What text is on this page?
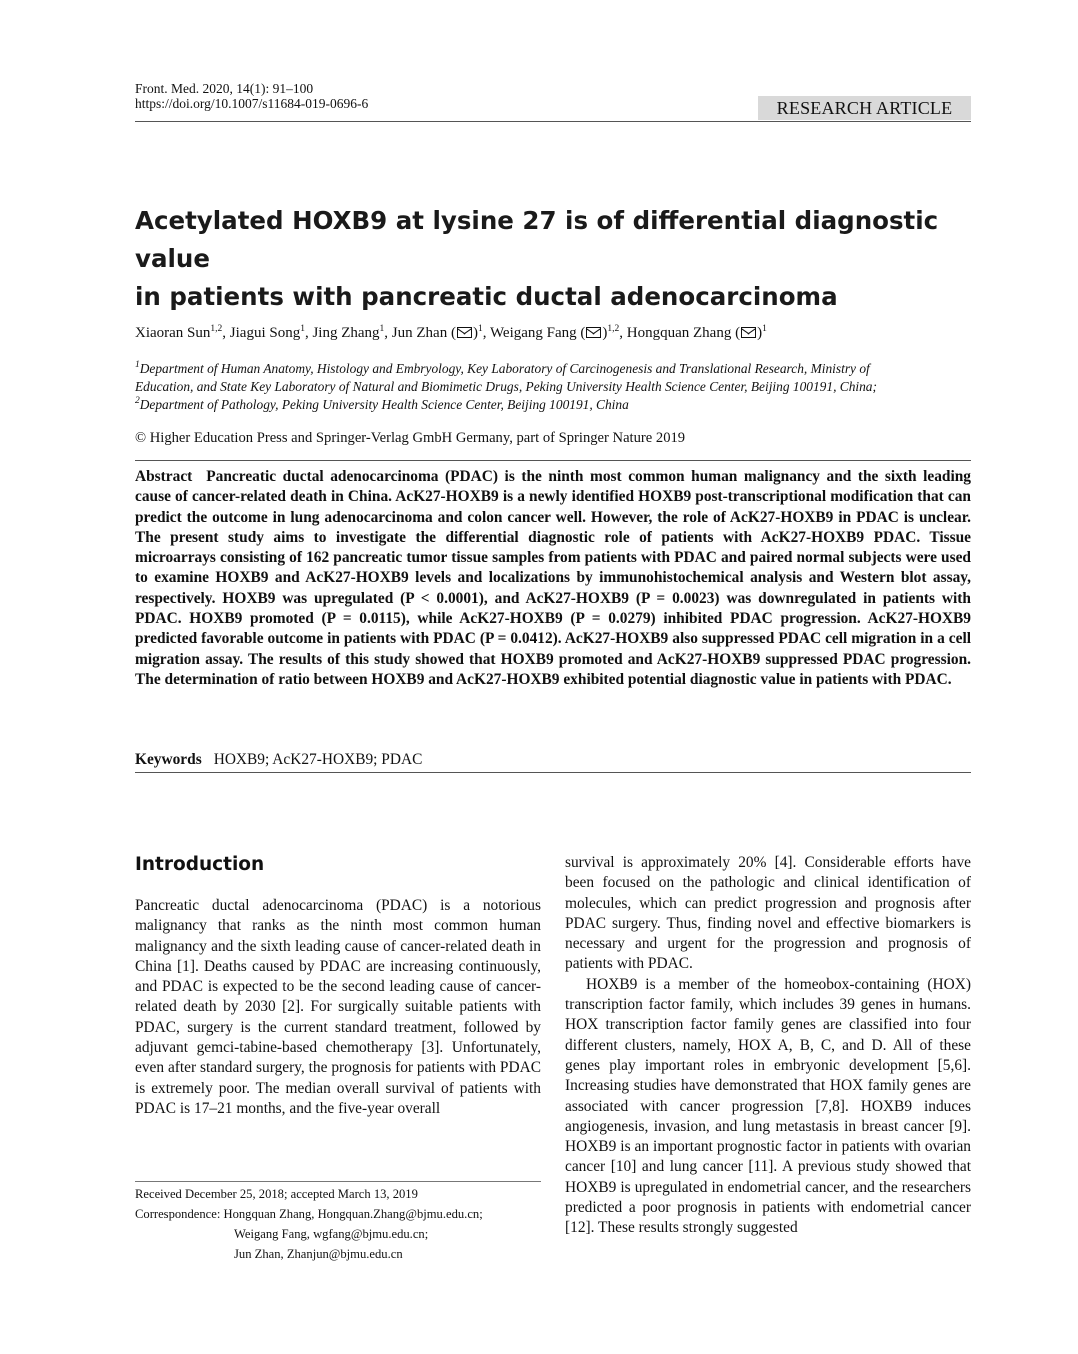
Front. Med. 2020, 14(1): 91–100
https://doi.org/10.1007/s11684-019-0696-6	RESEARCH ARTICLE
Acetylated HOXB9 at lysine 27 is of differential diagnostic value
in patients with pancreatic ductal adenocarcinoma
Xiaoran Sun$^{1,2}$, Jiagui Song$^1$, Jing Zhang$^1$, Jun Zhan ( )$^1$, Weigang Fang ( )$^{1,2}$, Hongquan Zhang ( )$^1$
$^1$Department of Human Anatomy, Histology and Embryology, Key Laboratory of Carcinogenesis and Translational Research, Ministry of
Education, and State Key Laboratory of Natural and Biomimetic Drugs, Peking University Health Science Center, Beijing 100191, China;
$^2$Department of Pathology, Peking University Health Science Center, Beijing 100191, China
© Higher Education Press and Springer-Verlag GmbH Germany, part of Springer Nature 2019
Abstract Pancreatic ductal adenocarcinoma (PDAC) is the ninth most common human malignancy and the sixth leading cause of cancer-related death in China. AcK27-HOXB9 is a newly identified HOXB9 post-transcriptional modification that can predict the outcome in lung adenocarcinoma and colon cancer well. However, the role of AcK27-HOXB9 in PDAC is unclear. The present study aims to investigate the differential diagnostic role of patients with AcK27-HOXB9 PDAC. Tissue microarrays consisting of 162 pancreatic tumor tissue samples from patients with PDAC and paired normal subjects were used to examine HOXB9 and AcK27-HOXB9 levels and localizations by immunohistochemical analysis and Western blot assay, respectively. HOXB9 was upregulated (P < 0.0001), and AcK27-HOXB9 (P = 0.0023) was downregulated in patients with PDAC. HOXB9 promoted (P = 0.0115), while AcK27-HOXB9 (P = 0.0279) inhibited PDAC progression. AcK27-HOXB9 predicted favorable outcome in patients with PDAC (P = 0.0412). AcK27-HOXB9 also suppressed PDAC cell migration in a cell migration assay. The results of this study showed that HOXB9 promoted and AcK27-HOXB9 suppressed PDAC progression. The determination of ratio between HOXB9 and AcK27-HOXB9 exhibited potential diagnostic value in patients with PDAC.
Keywords HOXB9; AcK27-HOXB9; PDAC
Introduction

Pancreatic ductal adenocarcinoma (PDAC) is a notorious malignancy that ranks as the ninth most common human malignancy and the sixth leading cause of cancer-related death in China [1]. Deaths caused by PDAC are increasing continuously, and PDAC is expected to be the second leading cause of cancer-related death by 2030 [2]. For surgically suitable patients with PDAC, surgery is the current standard treatment, followed by adjuvant gemci-tabine-based chemotherapy [3]. Unfortunately, even after standard surgery, the prognosis for patients with PDAC is extremely poor. The median overall survival of patients with PDAC is 17–21 months, and the five-year overall

survival is approximately 20% [4]. Considerable efforts have been focused on the pathologic and clinical identification of molecules, which can predict progression and prognosis after PDAC surgery. Thus, finding novel and effective biomarkers is necessary and urgent for the progression and prognosis of patients with PDAC.

HOXB9 is a member of the homeobox-containing (HOX) transcription factor family, which includes 39 genes in humans. HOX transcription factor family genes are classified into four different clusters, namely, HOX A, B, C, and D. All of these genes play important roles in embryonic development [5,6]. Increasing studies have demonstrated that HOX family genes are associated with cancer progression [7,8]. HOXB9 induces angiogenesis, invasion, and lung metastasis in breast cancer [9]. HOXB9 is an important prognostic factor in patients with ovarian cancer [10] and lung cancer [11]. A previous study showed that HOXB9 is upregulated in endometrial cancer, and the researchers predicted a poor prognosis in patients with endometrial cancer [12]. These results strongly suggested

Received December 25, 2018; accepted March 13, 2019
Correspondence: Hongquan Zhang, Hongquan.Zhang@bjmu.edu.cn;
Weigang Fang, wgfang@bjmu.edu.cn;
Jun Zhan, Zhanjun@bjmu.edu.cn
